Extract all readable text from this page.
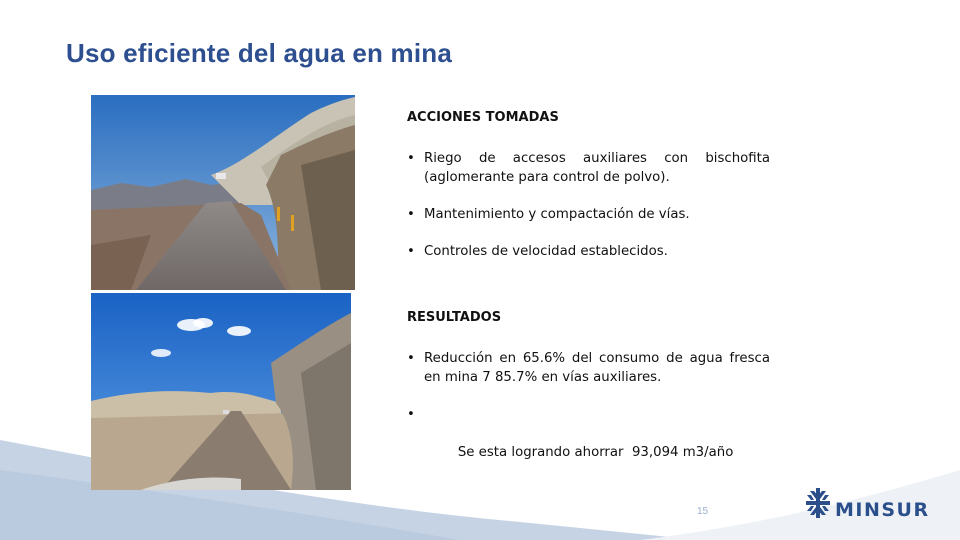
Uso eficiente del agua en mina
ACCIONES TOMADAS
• Riego de accesos auxiliares con bischofita (aglomerante para control de polvo).
• Mantenimiento y compactación de vías.
• Controles de velocidad establecidos.
RESULTADOS
• Reducción en 65.6% del consumo de agua fresca en mina 7 85.7% en vías auxiliares.

•

Se esta logrando ahorrar  93,094 m3/año

15	MINSUR
